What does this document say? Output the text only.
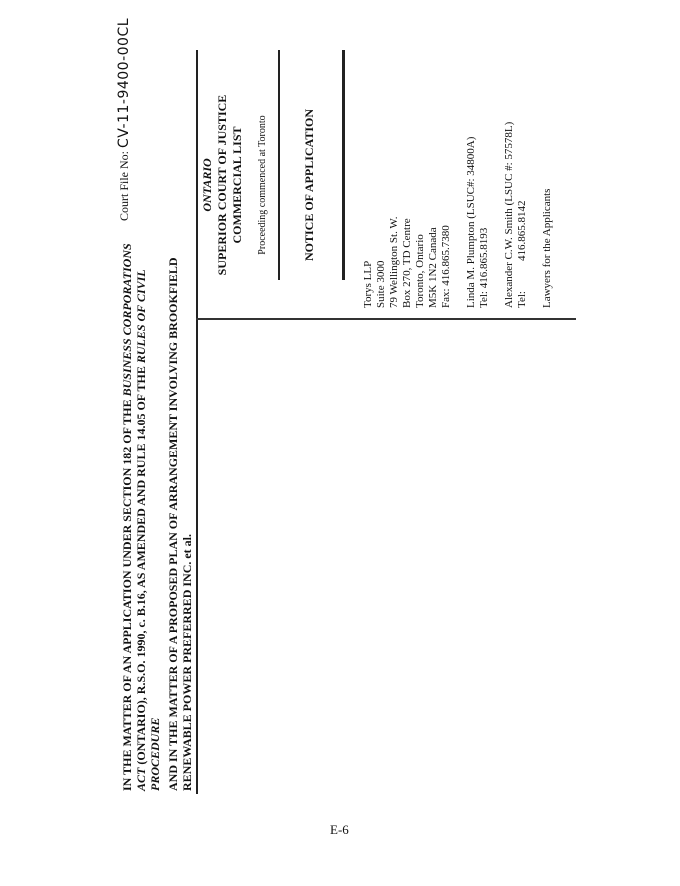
IN THE MATTER OF AN APPLICATION UNDER SECTION 182 OF THE BUSINESS CORPORATIONS ACT (ONTARIO), R.S.O. 1990, c. B.16, AS AMENDED AND RULE 14.05 OF THE RULES OF CIVIL PROCEDURE AND IN THE MATTER OF A PROPOSED PLAN OF ARRANGEMENT INVOLVING BROOKFIELD RENEWABLE POWER PREFERRED INC. et al.
Court File No: CV-11-9400-00CL
ONTARIO SUPERIOR COURT OF JUSTICE COMMERCIAL LIST Proceeding commenced at Toronto	NOTICE OF APPLICATION
Torys LLP Suite 3000 79 Wellington St. W. Box 270, TD Centre Toronto, Ontario M5K 1N2 Canada Fax: 416.865.7380 Linda M. Plumpton (LSUC#: 34800A) Tel: 416.865.8193 Alexander C.W. Smith (LSUC #: 57578L) Tel:416.865.8142 Lawyers for the Applicants
E-6
